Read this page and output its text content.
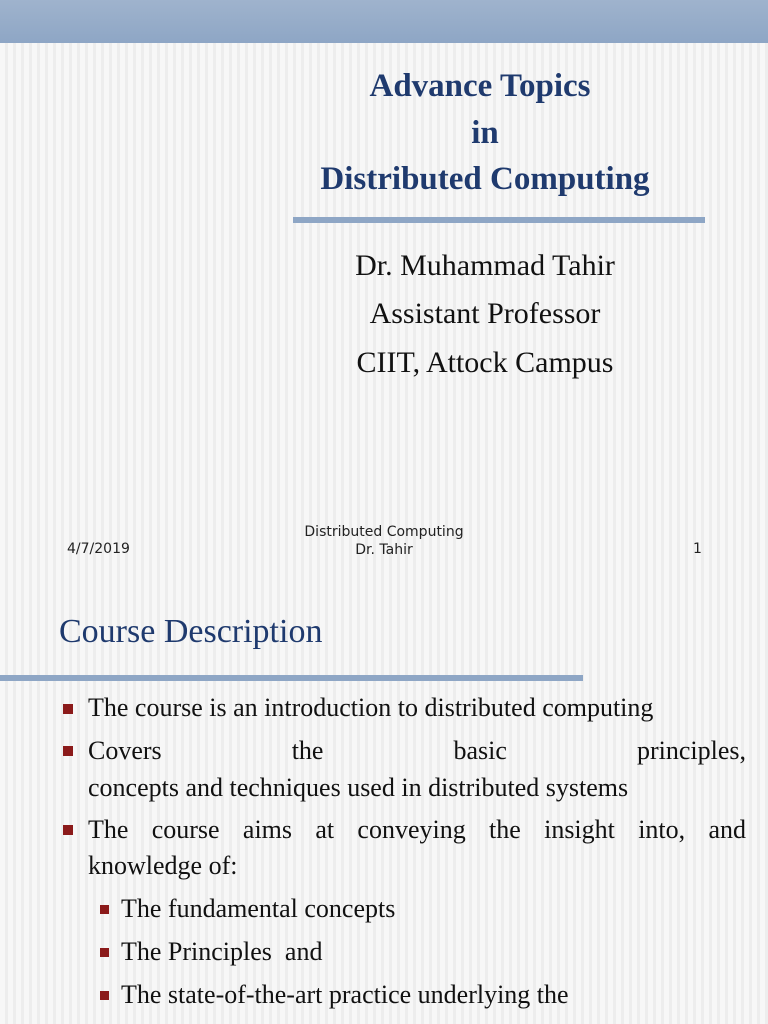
Advance Topics
in
Distributed Computing
Dr. Muhammad Tahir
Assistant Professor
CIIT, Attock Campus
4/7/2019
Distributed Computing
Dr. Tahir	1
Course Description
The course is an introduction to distributed computing
Covers the basic principles,
concepts and techniques used in distributed systems
The course aims at conveying the insight into, and
knowledge of:
The fundamental concepts
The Principles  and
The state-of-the-art practice underlying the
